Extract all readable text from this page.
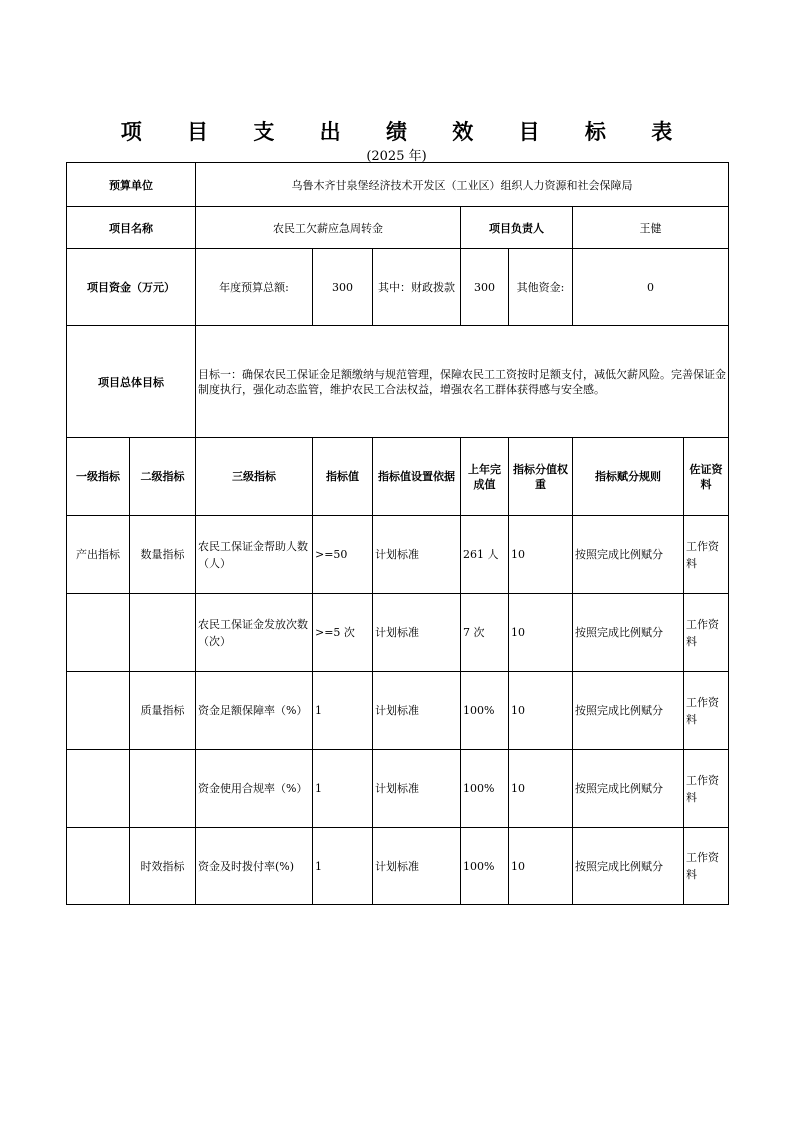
项 目 支 出 绩 效 目 标 表
(2025 年)
预算单位		乌鲁木齐甘泉堡经济技术开发区（工业区）组织人力资源和社会保障局						
项目名称		农民工欠薪应急周转金			项目负责人		王健	
项目资金（万元）		年度预算总额:	300	其中：财政拨款	300	其他资金:	0	
项目总体目标		目标一：确保农民工保证金足额缴纳与规范管理，保障农民工工资按时足额支付，减低欠薪风险。完善保证金制度执行，强化动态监管，维护农民工合法权益，增强农名工群体获得感与安全感。						
一级指标	二级指标	三级指标	指标值	指标值设置依据	上年完成值	指标分值权重	指标赋分规则	佐证资料
产出指标	数量指标	农民工保证金帮助人数（人）	>=50	计划标准	261 人	10	按照完成比例赋分	工作资料
		农民工保证金发放次数（次）	>=5 次	计划标准	7 次	10	按照完成比例赋分	工作资料
	质量指标	资金足额保障率（%）	1	计划标准	100%	10	按照完成比例赋分	工作资料
		资金使用合规率（%）	1	计划标准	100%	10	按照完成比例赋分	工作资料
	时效指标	资金及时拨付率(%)	1	计划标准	100%	10	按照完成比例赋分	工作资料
